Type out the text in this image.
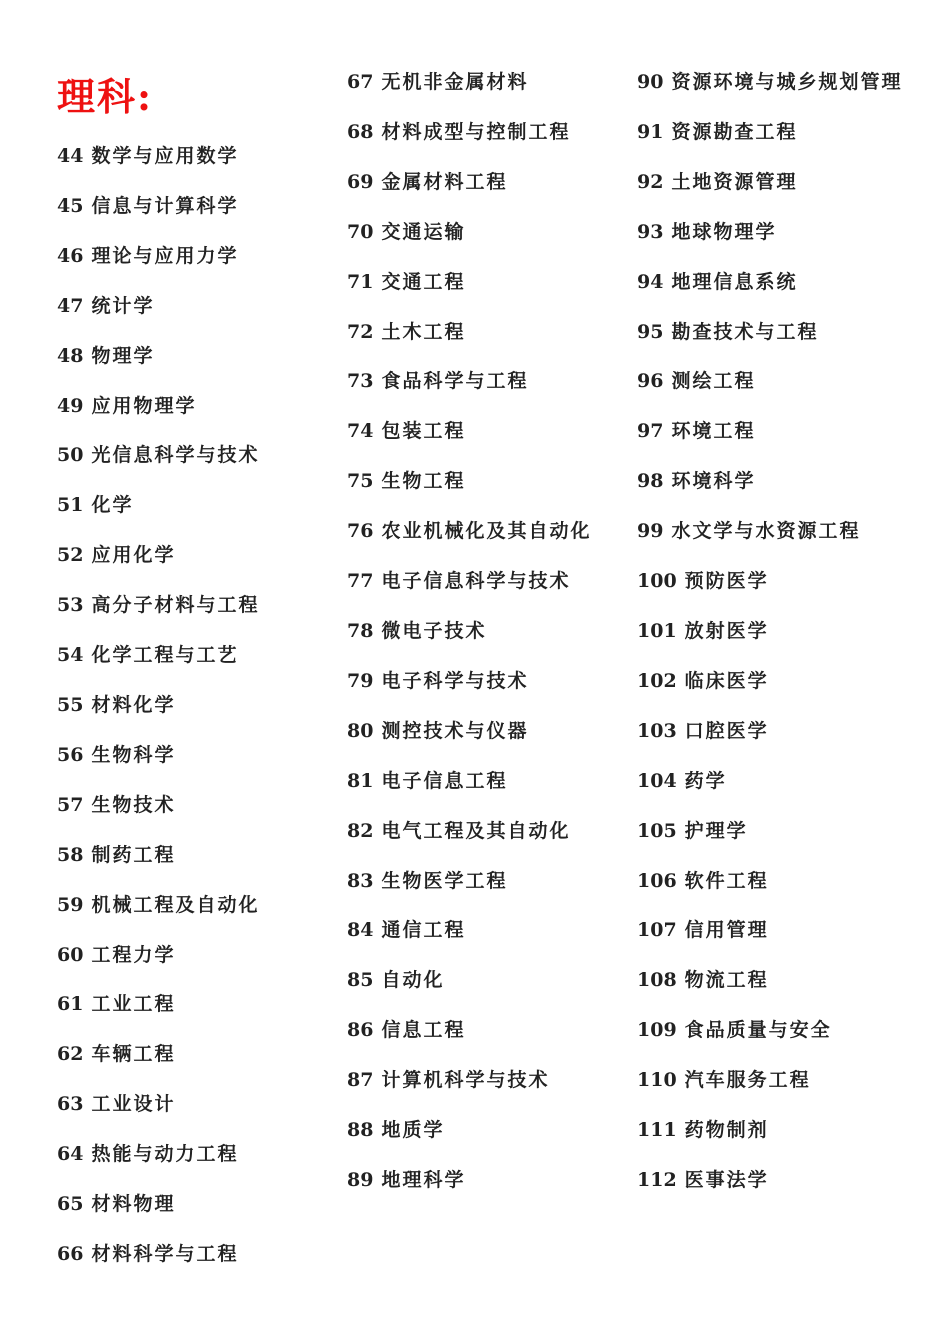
理科:
44 数学与应用数学
45 信息与计算科学
46 理论与应用力学
47 统计学
48 物理学
49 应用物理学
50 光信息科学与技术
51 化学
52 应用化学
53 高分子材料与工程
54 化学工程与工艺
55 材料化学
56 生物科学
57 生物技术
58 制药工程
59 机械工程及自动化
60 工程力学
61 工业工程
62 车辆工程
63 工业设计
64 热能与动力工程
65 材料物理
66 材料科学与工程
67 无机非金属材料
68 材料成型与控制工程
69 金属材料工程
70 交通运输
71 交通工程
72 土木工程
73 食品科学与工程
74 包装工程
75 生物工程
76 农业机械化及其自动化
77 电子信息科学与技术
78 微电子技术
79 电子科学与技术
80 测控技术与仪器
81 电子信息工程
82 电气工程及其自动化
83 生物医学工程
84 通信工程
85 自动化
86 信息工程
87 计算机科学与技术
88 地质学
89 地理科学
90 资源环境与城乡规划管理
91 资源勘查工程
92 土地资源管理
93 地球物理学
94 地理信息系统
95 勘查技术与工程
96 测绘工程
97 环境工程
98 环境科学
99 水文学与水资源工程
100 预防医学
101 放射医学
102 临床医学
103 口腔医学
104 药学
105 护理学
106 软件工程
107 信用管理
108 物流工程
109 食品质量与安全
110 汽车服务工程
111 药物制剂
112 医事法学
